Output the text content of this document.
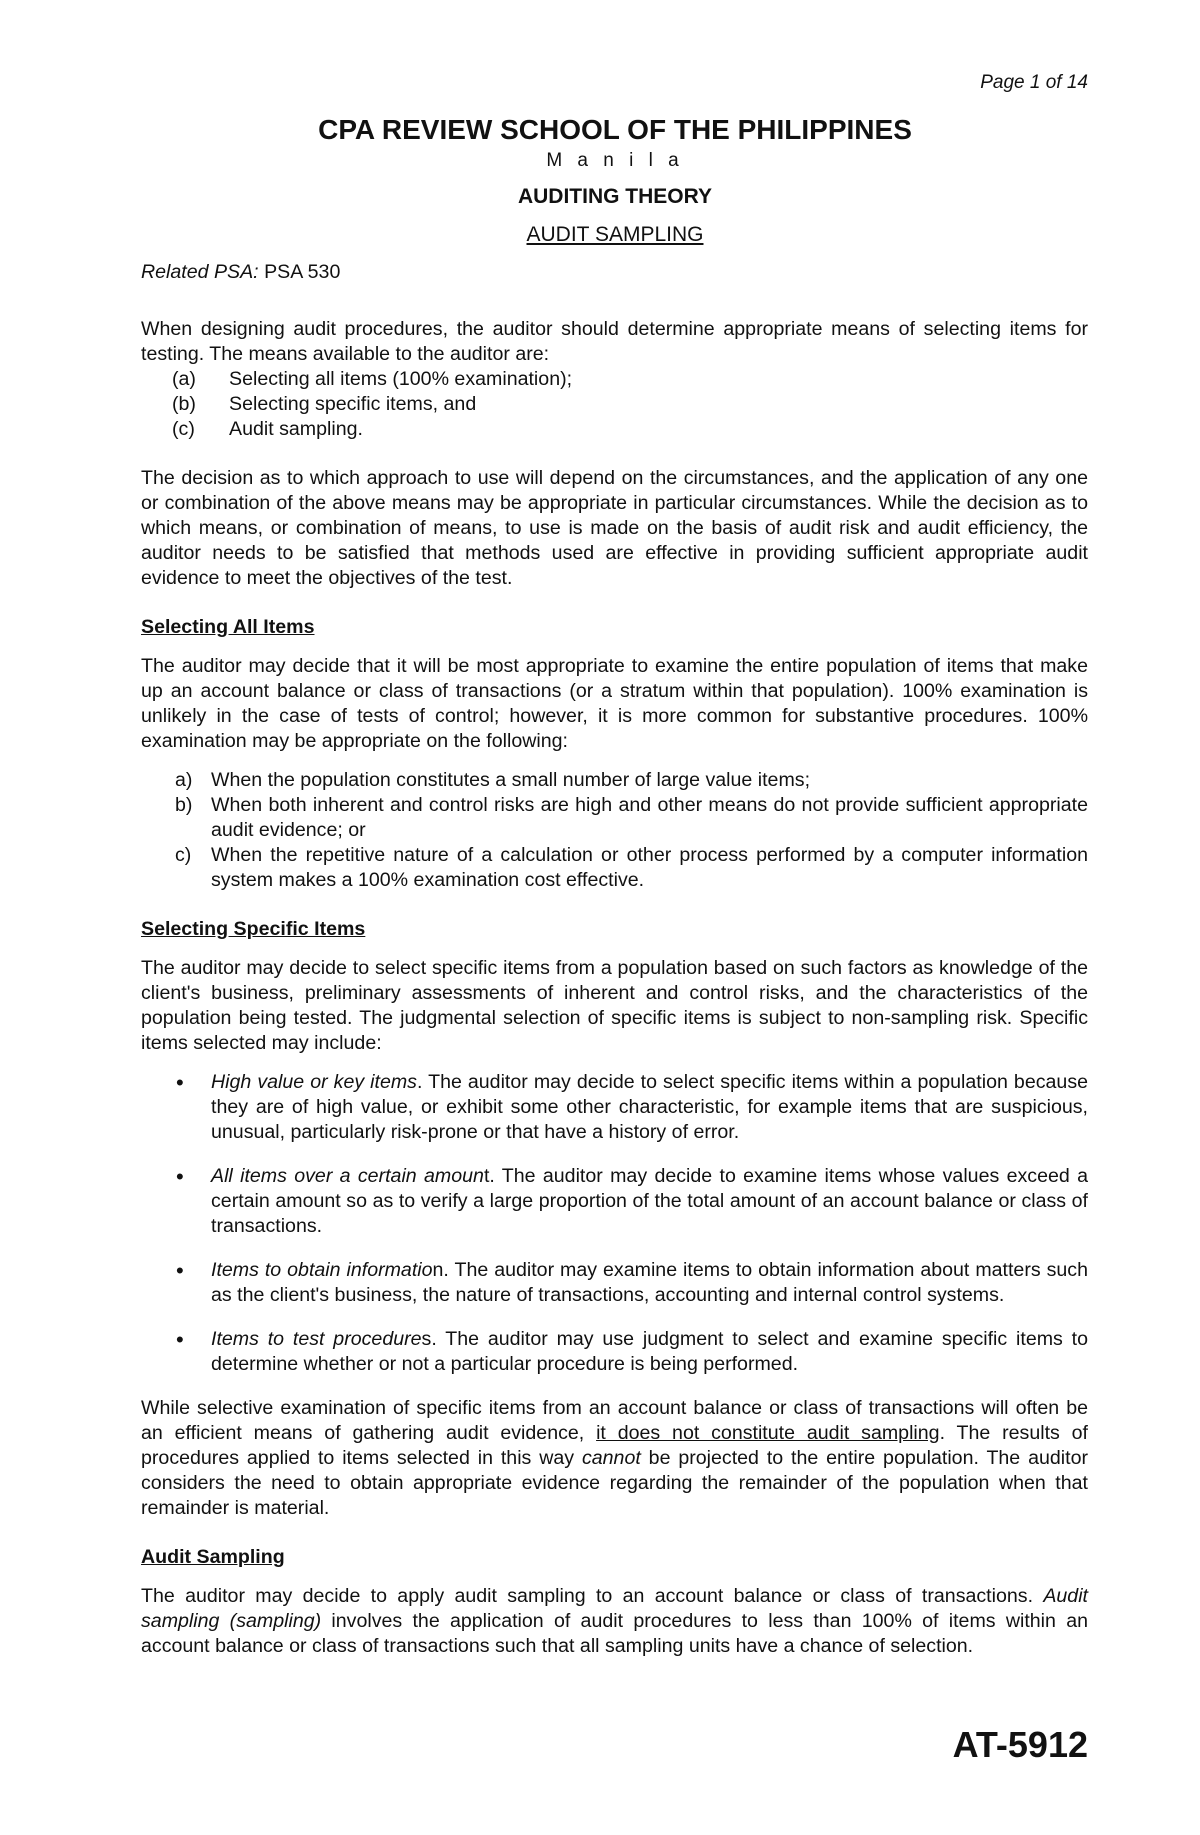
Page 1 of 14
CPA REVIEW SCHOOL OF THE PHILIPPINES
M a n i l a
AUDITING THEORY
AUDIT SAMPLING

Related PSA: PSA 530

When designing audit procedures, the auditor should determine appropriate means of selecting items for testing. The means available to the auditor are:

(a) Selecting all items (100% examination);
(b) Selecting specific items, and
(c) Audit sampling.

The decision as to which approach to use will depend on the circumstances, and the application of any one or combination of the above means may be appropriate in particular circumstances. While the decision as to which means, or combination of means, to use is made on the basis of audit risk and audit efficiency, the auditor needs to be satisfied that methods used are effective in providing sufficient appropriate audit evidence to meet the objectives of the test.

Selecting All Items

The auditor may decide that it will be most appropriate to examine the entire population of items that make up an account balance or class of transactions (or a stratum within that population). 100% examination is unlikely in the case of tests of control; however, it is more common for substantive procedures. 100% examination may be appropriate on the following:

a) When the population constitutes a small number of large value items;
b) When both inherent and control risks are high and other means do not provide sufficient appropriate audit evidence; or
c) When the repetitive nature of a calculation or other process performed by a computer information system makes a 100% examination cost effective.

Selecting Specific Items

The auditor may decide to select specific items from a population based on such factors as knowledge of the client's business, preliminary assessments of inherent and control risks, and the characteristics of the population being tested. The judgmental selection of specific items is subject to non-sampling risk. Specific items selected may include:

• High value or key items. The auditor may decide to select specific items within a population because they are of high value, or exhibit some other characteristic, for example items that are suspicious, unusual, particularly risk-prone or that have a history of error.
• All items over a certain amount. The auditor may decide to examine items whose values exceed a certain amount so as to verify a large proportion of the total amount of an account balance or class of transactions.
• Items to obtain information. The auditor may examine items to obtain information about matters such as the client's business, the nature of transactions, accounting and internal control systems.
• Items to test procedures. The auditor may use judgment to select and examine specific items to determine whether or not a particular procedure is being performed.

While selective examination of specific items from an account balance or class of transactions will often be an efficient means of gathering audit evidence, it does not constitute audit sampling. The results of procedures applied to items selected in this way cannot be projected to the entire population. The auditor considers the need to obtain appropriate evidence regarding the remainder of the population when that remainder is material.

Audit Sampling

The auditor may decide to apply audit sampling to an account balance or class of transactions. Audit sampling (sampling) involves the application of audit procedures to less than 100% of items within an account balance or class of transactions such that all sampling units have a chance of selection.

AT-5912
